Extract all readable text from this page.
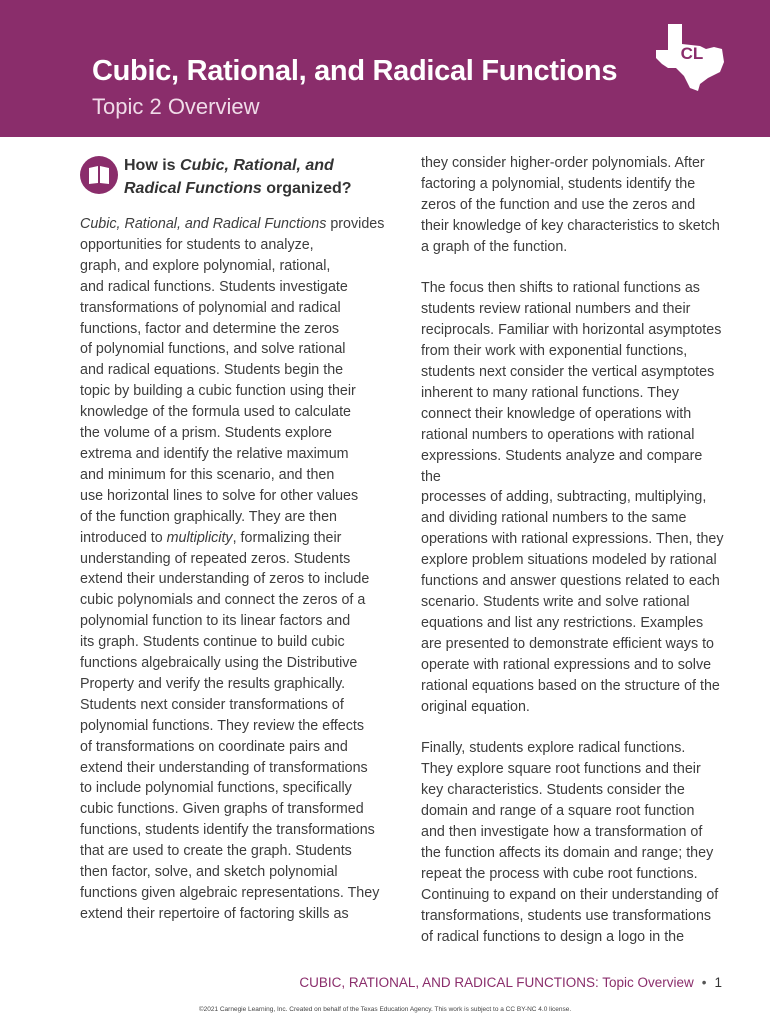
Cubic, Rational, and Radical Functions
Topic 2 Overview
CL
How is Cubic, Rational, and
Radical Functions organized?

Cubic, Rational, and Radical Functions provides
opportunities for students to analyze,
graph, and explore polynomial, rational,
and radical functions. Students investigate
transformations of polynomial and radical
functions, factor and determine the zeros
of polynomial functions, and solve rational
and radical equations. Students begin the
topic by building a cubic function using their
knowledge of the formula used to calculate
the volume of a prism. Students explore
extrema and identify the relative maximum
and minimum for this scenario, and then
use horizontal lines to solve for other values
of the function graphically. They are then
introduced to multiplicity, formalizing their
understanding of repeated zeros. Students
extend their understanding of zeros to include
cubic polynomials and connect the zeros of a
polynomial function to its linear factors and
its graph. Students continue to build cubic
functions algebraically using the Distributive
Property and verify the results graphically.
Students next consider transformations of
polynomial functions. They review the effects
of transformations on coordinate pairs and
extend their understanding of transformations
to include polynomial functions, specifically
cubic functions. Given graphs of transformed
functions, students identify the transformations
that are used to create the graph. Students
then factor, solve, and sketch polynomial
functions given algebraic representations. They
extend their repertoire of factoring skills as

they consider higher-order polynomials. After
factoring a polynomial, students identify the
zeros of the function and use the zeros and
their knowledge of key characteristics to sketch
a graph of the function.

The focus then shifts to rational functions as
students review rational numbers and their
reciprocals. Familiar with horizontal asymptotes
from their work with exponential functions,
students next consider the vertical asymptotes
inherent to many rational functions. They
connect their knowledge of operations with
rational numbers to operations with rational
expressions. Students analyze and compare the
processes of adding, subtracting, multiplying,
and dividing rational numbers to the same
operations with rational expressions. Then, they
explore problem situations modeled by rational
functions and answer questions related to each
scenario. Students write and solve rational
equations and list any restrictions. Examples
are presented to demonstrate efficient ways to
operate with rational expressions and to solve
rational equations based on the structure of the
original equation.

Finally, students explore radical functions.
They explore square root functions and their
key characteristics. Students consider the
domain and range of a square root function
and then investigate how a transformation of
the function affects its domain and range; they
repeat the process with cube root functions.
Continuing to expand on their understanding of
transformations, students use transformations
of radical functions to design a logo in the

CUBIC, RATIONAL, AND RADICAL FUNCTIONS: Topic Overview • 1
©2021 Carnegie Learning, Inc. Created on behalf of the Texas Education Agency. This work is subject to a CC BY-NC 4.0 license.
